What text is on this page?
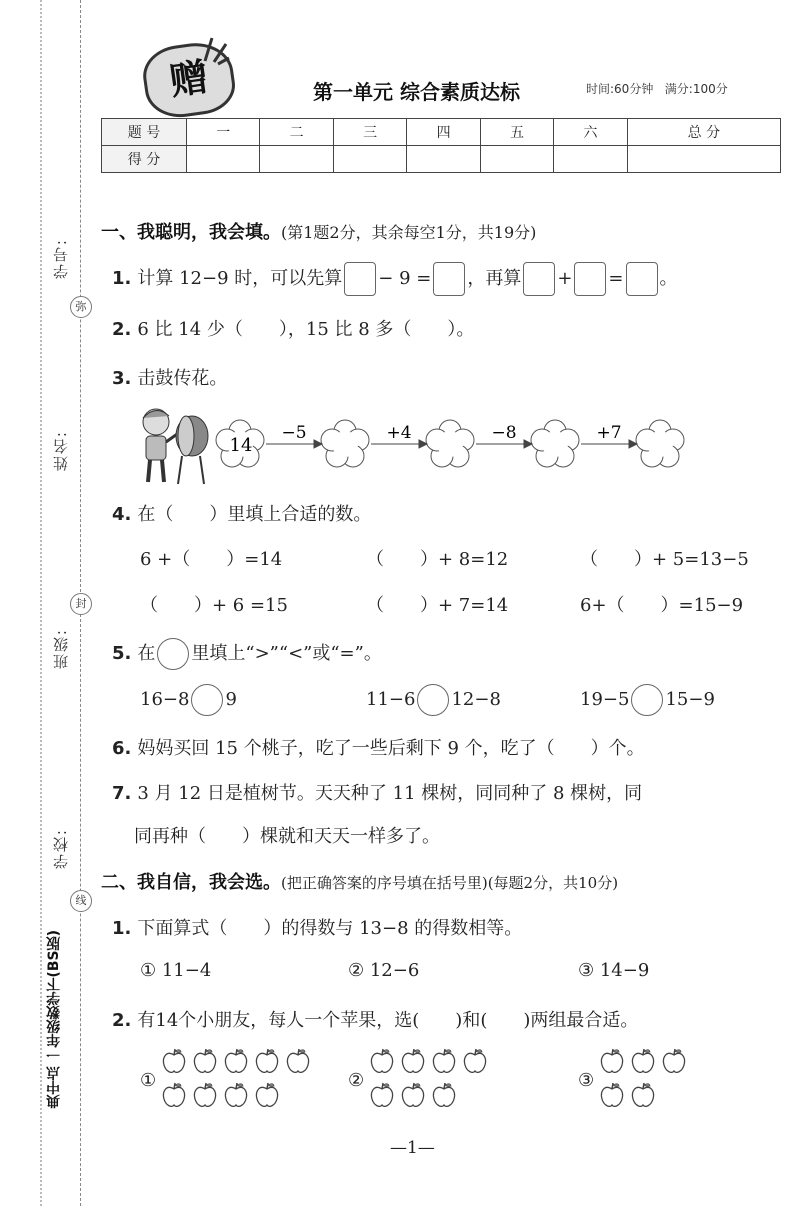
学号:
姓名:
班级:
学校:
弥
封
线
典中点 一年级数学下(BS版)
赠	第一单元 综合素质达标	时间:60分钟 满分:100分
题 号	一	二	三	四	五	六	总 分
得 分							
一、我聪明，我会填。(第1题2分，其余每空1分，共19分)
1. 计算 12−9 时，可以先算 − 9 = ，再算 + = 。
2. 6 比 14 少（　　），15 比 8 多（　　）。
3. 击鼓传花。
14
−5	+4	−8	+7
4. 在（　　）里填上合适的数。
6 +（　　）=14	（　　）+ 8=12	（　　）+ 5=13−5
（　　）+ 6 =15	（　　）+ 7=14	6+（　　）=15−9
5. 在 里填上“>”“<”或“=”。
16−8 9	11−6 12−8	19−5 15−9
6. 妈妈买回 15 个桃子，吃了一些后剩下 9 个，吃了（　　）个。
7. 3 月 12 日是植树节。天天种了 11 棵树，同同种了 8 棵树，同
同再种（　　）棵就和天天一样多了。
二、我自信，我会选。(把正确答案的序号填在括号里)(每题2分，共10分)
1. 下面算式（　　）的得数与 13−8 的得数相等。
① 11−4	② 12−6	③ 14−9
2. 有14个小朋友，每人一个苹果，选(　　)和(　　)两组最合适。
①	②	③
—1—
